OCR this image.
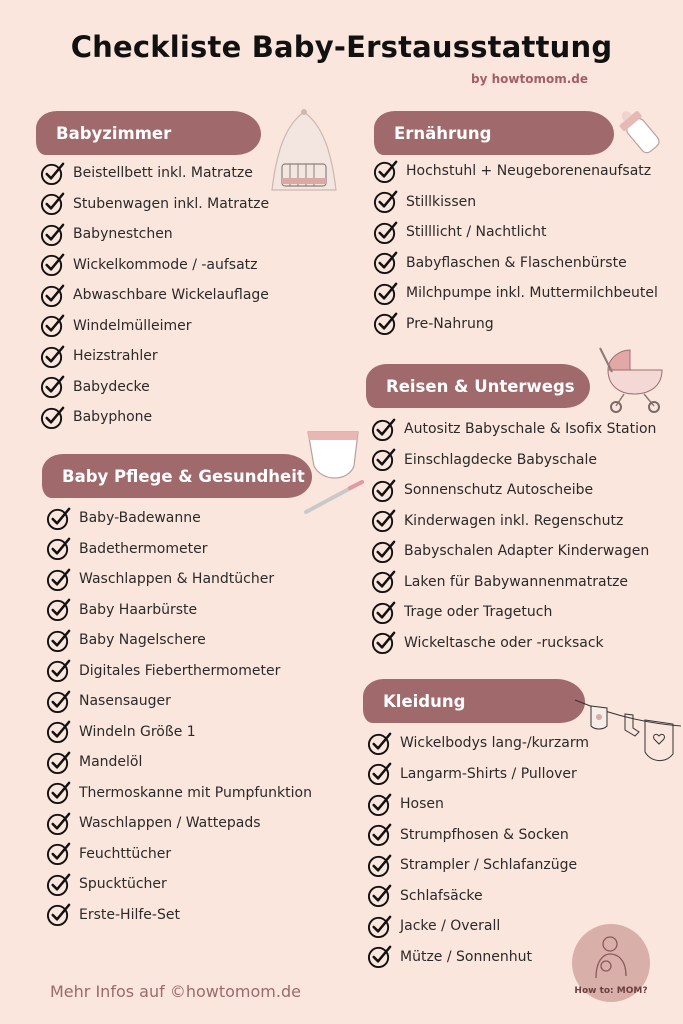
Checkliste Baby-Erstausstattung
by howtomom.de
Babyzimmer
Beistellbett inkl. Matratze
Stubenwagen inkl. Matratze
Babynestchen
Wickelkommode / -aufsatz
Abwaschbare Wickelauflage
Windelmülleimer
Heizstrahler
Babydecke
Babyphone
Baby Pflege & Gesundheit
Baby-Badewanne
Badethermometer
Waschlappen & Handtücher
Baby Haarbürste
Baby Nagelschere
Digitales Fieberthermometer
Nasensauger
Windeln Größe 1
Mandelöl
Thermoskanne mit Pumpfunktion
Waschlappen / Wattepads
Feuchttücher
Spucktücher
Erste-Hilfe-Set
Ernährung
Hochstuhl + Neugeborenenaufsatz
Stillkissen
Stilllicht / Nachtlicht
Babyflaschen & Flaschenbürste
Milchpumpe inkl. Muttermilchbeutel
Pre-Nahrung
Reisen & Unterwegs
Autositz Babyschale & Isofix Station
Einschlagdecke Babyschale
Sonnenschutz Autoscheibe
Kinderwagen inkl. Regenschutz
Babyschalen Adapter Kinderwagen
Laken für Babywannenmatratze
Trage oder Tragetuch
Wickeltasche oder -rucksack
Kleidung
Wickelbodys lang-/kurzarm
Langarm-Shirts / Pullover
Hosen
Strumpfhosen & Socken
Strampler / Schlafanzüge
Schlafsäcke
Jacke / Overall
Mütze / Sonnenhut
Mehr Infos auf ©howtomom.de	How to: MOM?
